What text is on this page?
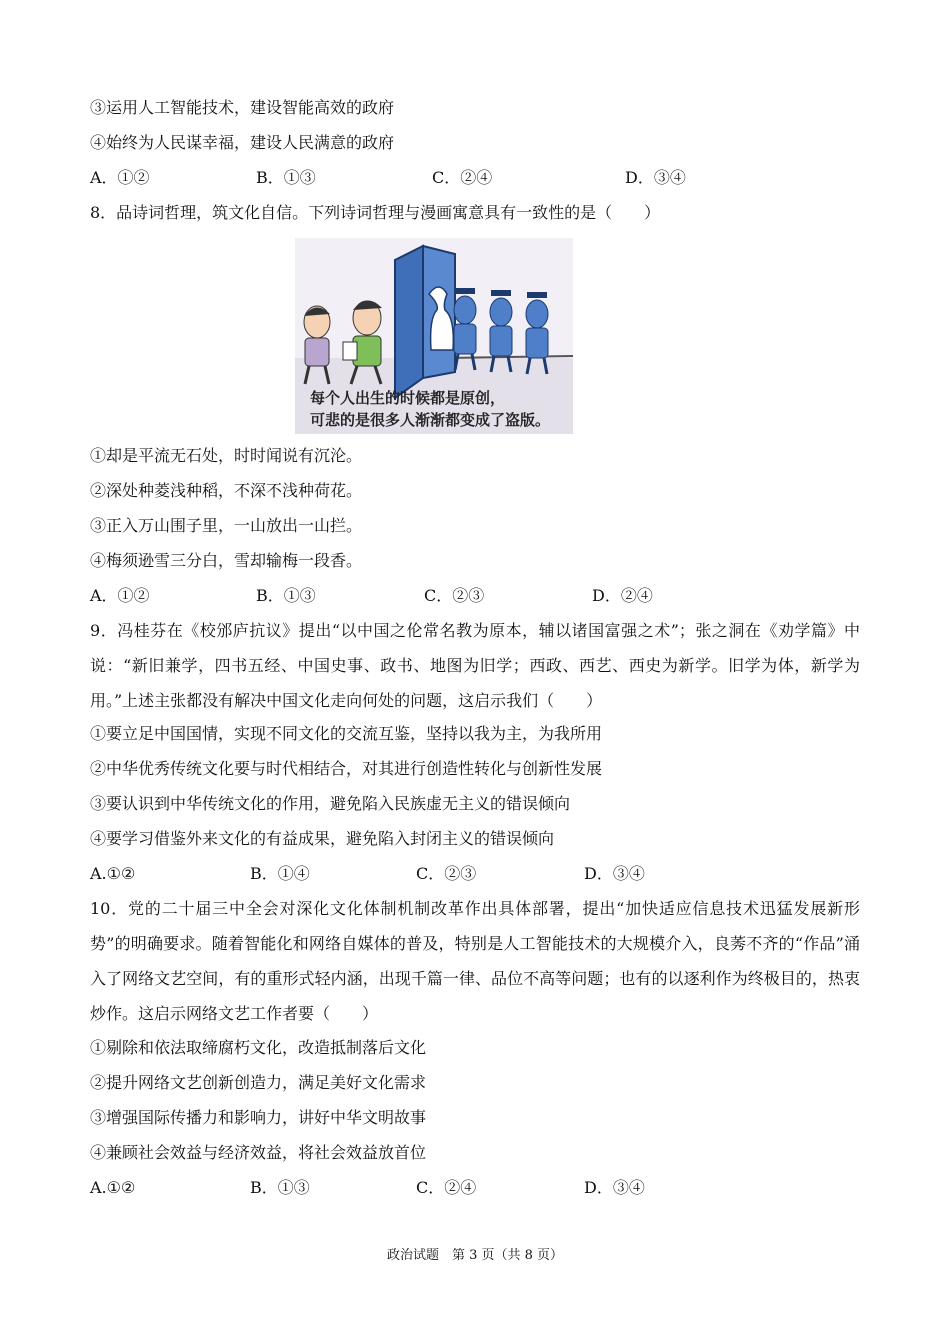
③运用人工智能技术，建设智能高效的政府
④始终为人民谋幸福，建设人民满意的政府
A．①②	B．①③	C．②④	D．③④
8．品诗词哲理，筑文化自信。下列诗词哲理与漫画寓意具有一致性的是（　　）
每个人出生的时候都是原创，
可悲的是很多人渐渐都变成了盗版。
①却是平流无石处，时时闻说有沉沦。
②深处种菱浅种稻，不深不浅种荷花。
③正入万山围子里，一山放出一山拦。
④梅须逊雪三分白，雪却输梅一段香。
A．①②	B．①③	C．②③	D．②④
9．冯桂芬在《校邠庐抗议》提出“以中国之伦常名教为原本，辅以诸国富强之术”；张之洞在《劝学篇》中说：“新旧兼学，四书五经、中国史事、政书、地图为旧学；西政、西艺、西史为新学。旧学为体，新学为用。”上述主张都没有解决中国文化走向何处的问题，这启示我们（　　）
①要立足中国国情，实现不同文化的交流互鉴，坚持以我为主，为我所用
②中华优秀传统文化要与时代相结合，对其进行创造性转化与创新性发展
③要认识到中华传统文化的作用，避免陷入民族虚无主义的错误倾向
④要学习借鉴外来文化的有益成果，避免陷入封闭主义的错误倾向
A.①②	B．①④	C．②③	D．③④
10．党的二十届三中全会对深化文化体制机制改革作出具体部署，提出“加快适应信息技术迅猛发展新形势”的明确要求。随着智能化和网络自媒体的普及，特别是人工智能技术的大规模介入，良莠不齐的“作品”涌入了网络文艺空间，有的重形式轻内涵，出现千篇一律、品位不高等问题；也有的以逐利作为终极目的，热衷炒作。这启示网络文艺工作者要（　　）
①剔除和依法取缔腐朽文化，改造抵制落后文化
②提升网络文艺创新创造力，满足美好文化需求
③增强国际传播力和影响力，讲好中华文明故事
④兼顾社会效益与经济效益，将社会效益放首位
A.①②	B．①③	C．②④	D．③④
政治试题　第 3 页（共 8 页）
